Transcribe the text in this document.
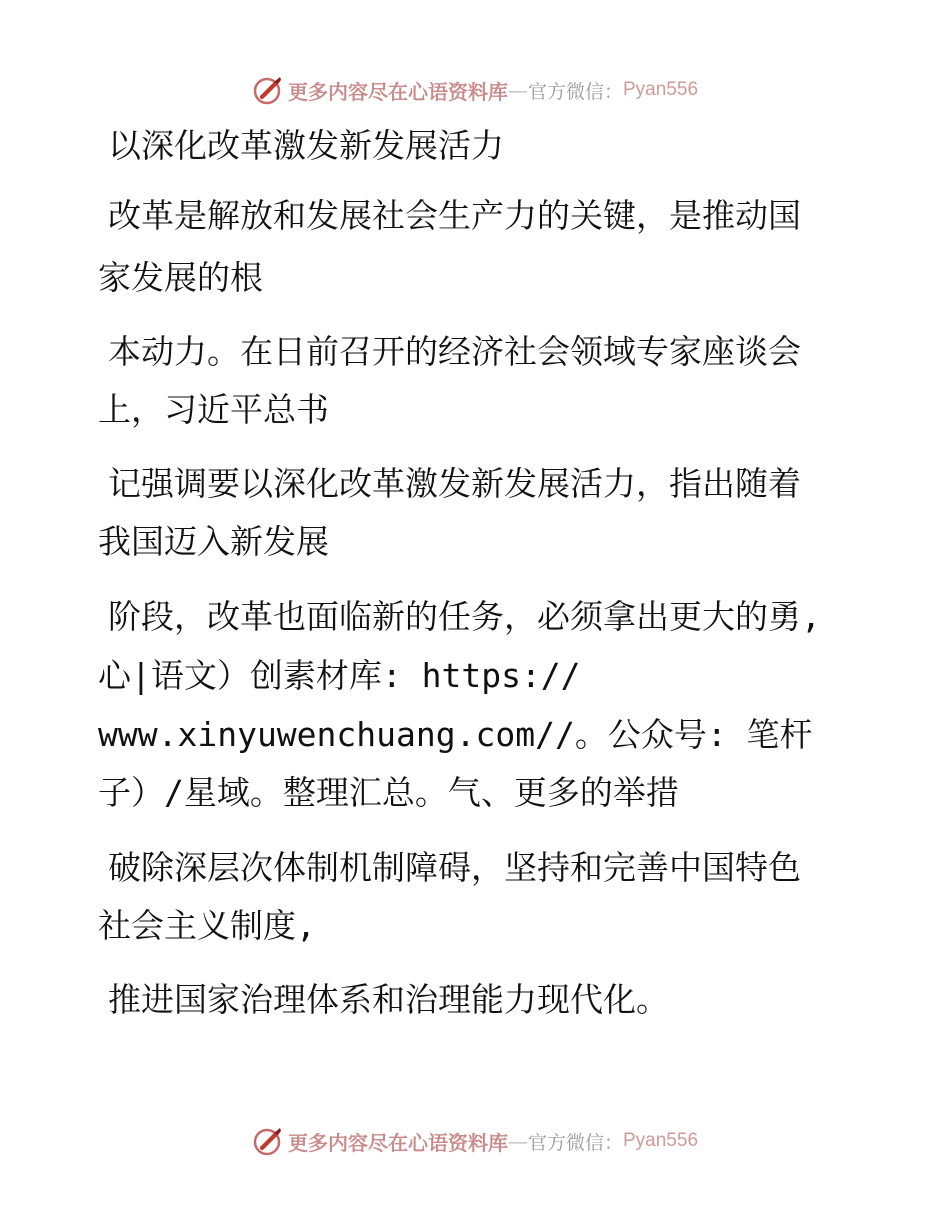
更多内容尽在心语资料库 — 官方微信： Pyan556
以深化改革激发新发展活力
改革是解放和发展社会生产力的关键，是推动国
家发展的根
本动力。在日前召开的经济社会领域专家座谈会
上，习近平总书
记强调要以深化改革激发新发展活力，指出随着
我国迈入新发展
阶段，改革也面临新的任务，必须拿出更大的勇,
心|语文）创素材库: https://
www.xinyuwenchuang.com//。公众号: 笔杆
子）/星域。整理汇总。气、更多的举措
破除深层次体制机制障碍，坚持和完善中国特色
社会主义制度,
推进国家治理体系和治理能力现代化。
更多内容尽在心语资料库 — 官方微信： Pyan556
